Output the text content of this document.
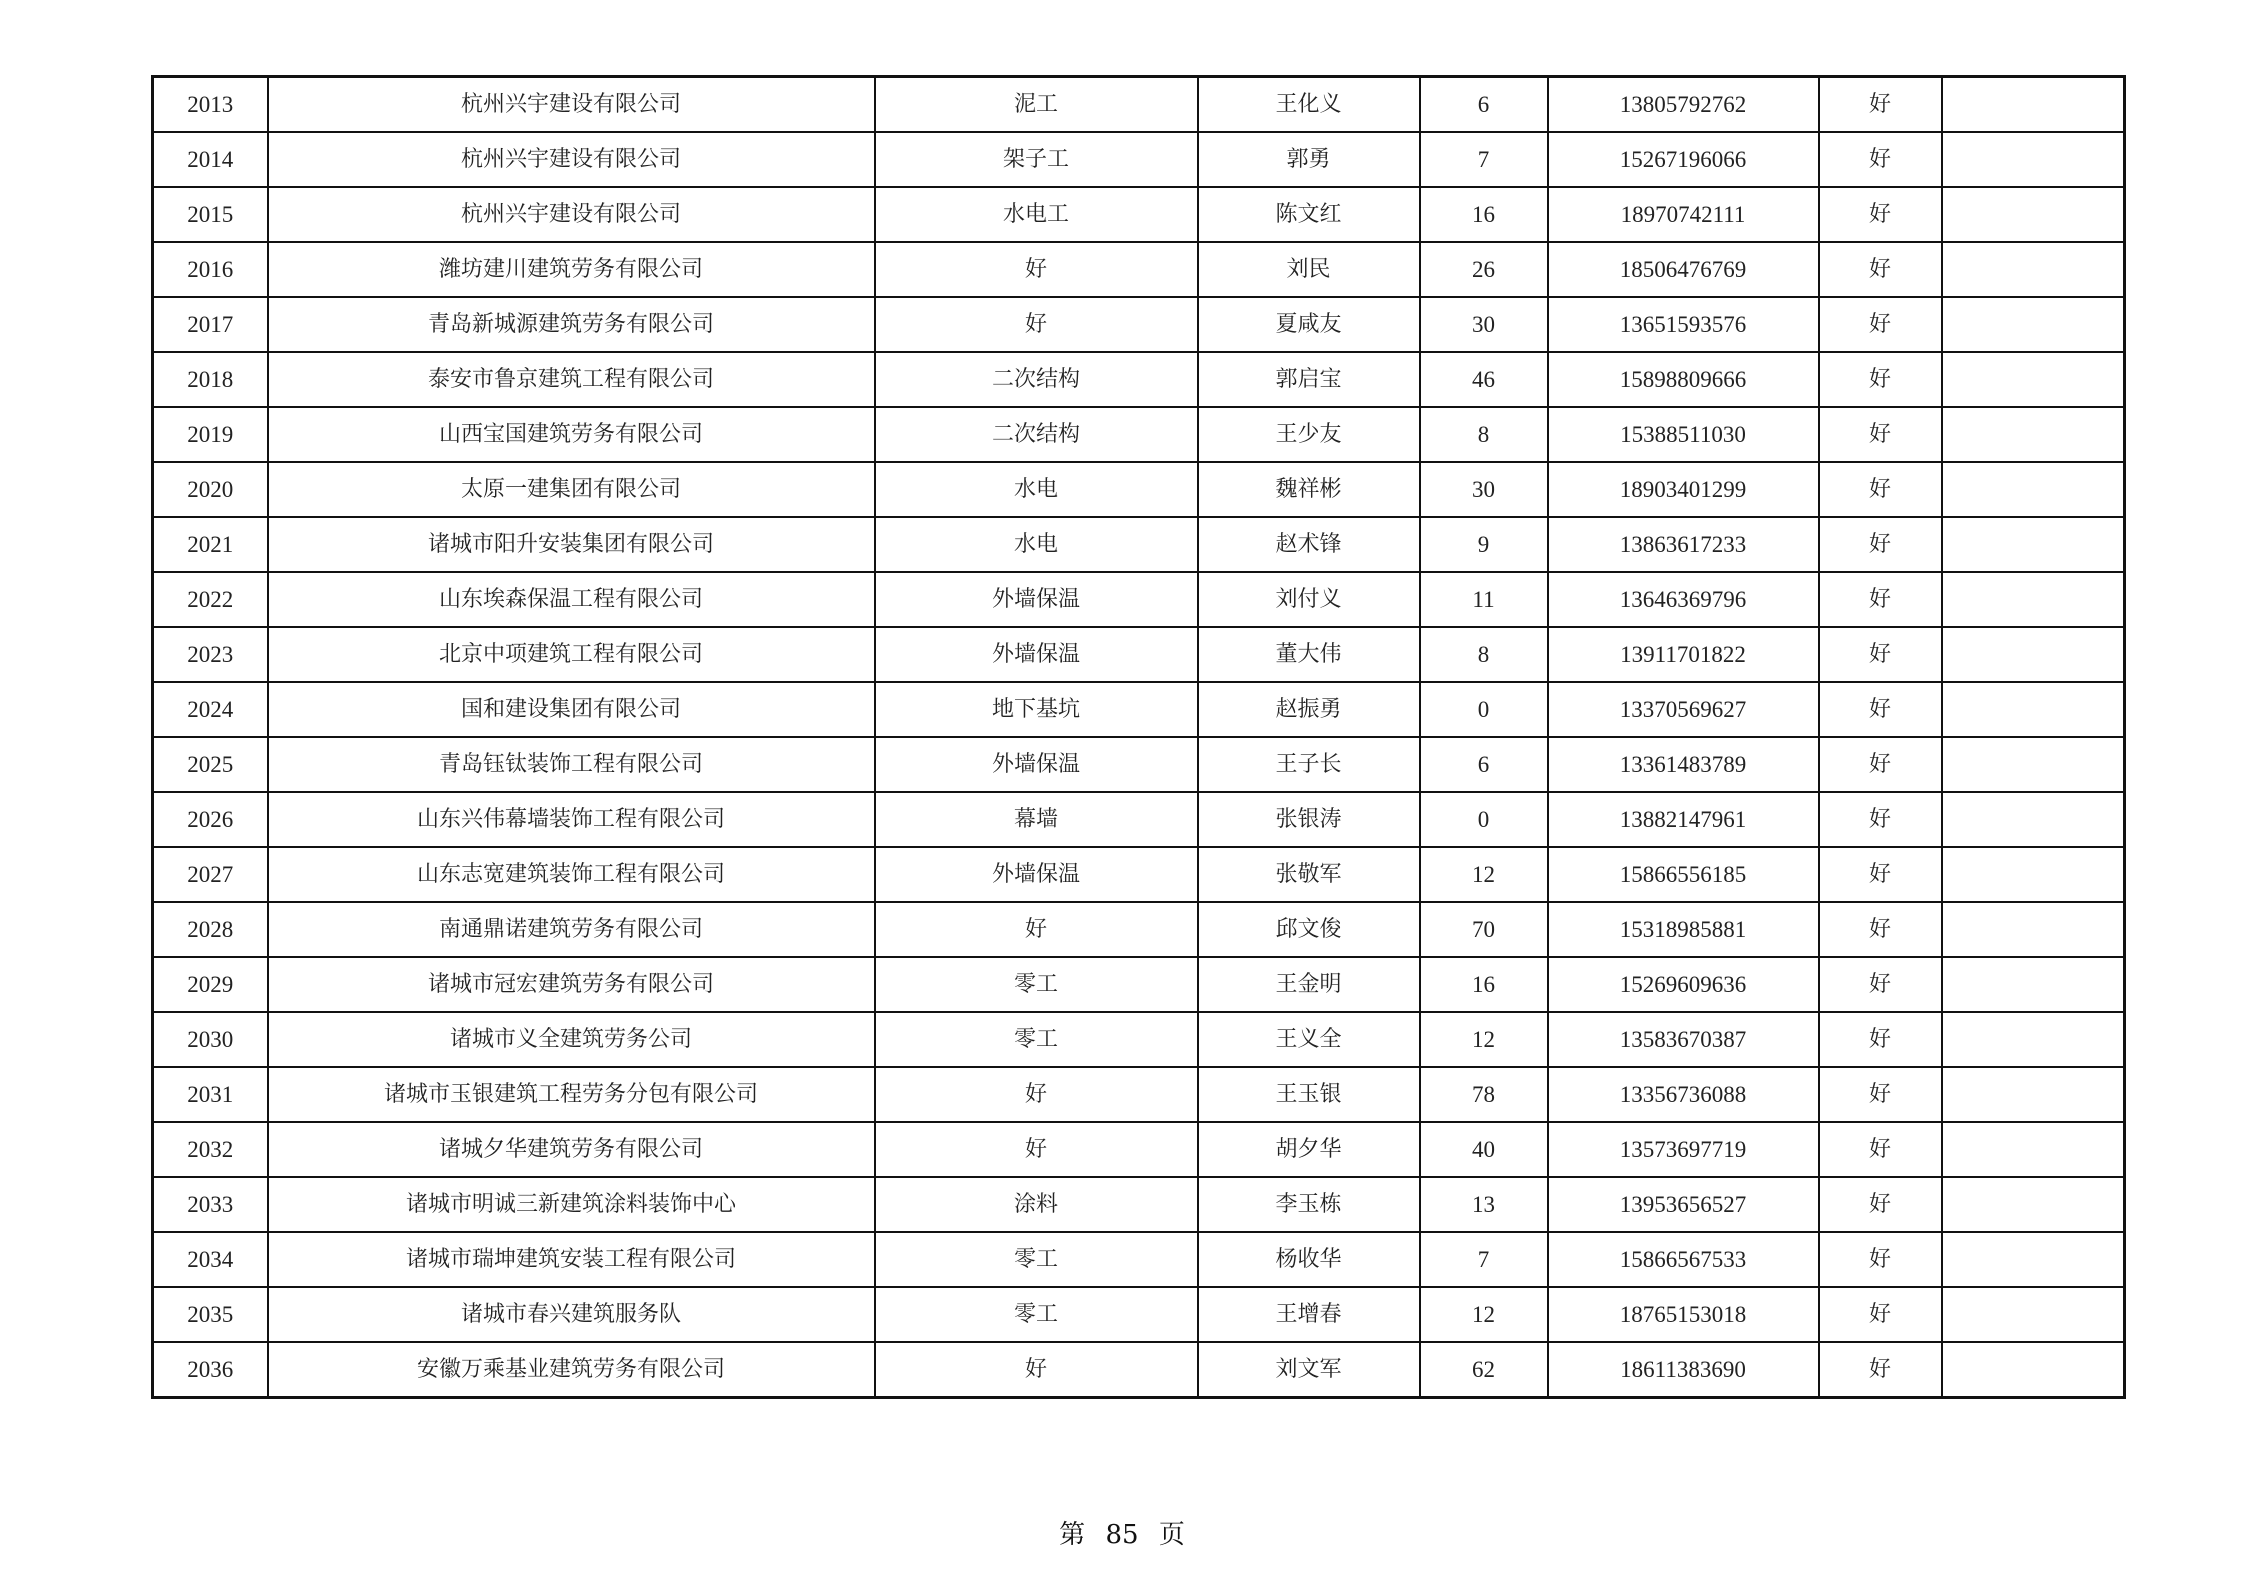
2013	杭州兴宇建设有限公司	泥工	王化义	6	13805792762	好	
2014	杭州兴宇建设有限公司	架子工	郭勇	7	15267196066	好	
2015	杭州兴宇建设有限公司	水电工	陈文红	16	18970742111	好	
2016	潍坊建川建筑劳务有限公司	好	刘民	26	18506476769	好	
2017	青岛新城源建筑劳务有限公司	好	夏咸友	30	13651593576	好	
2018	泰安市鲁京建筑工程有限公司	二次结构	郭启宝	46	15898809666	好	
2019	山西宝国建筑劳务有限公司	二次结构	王少友	8	15388511030	好	
2020	太原一建集团有限公司	水电	魏祥彬	30	18903401299	好	
2021	诸城市阳升安装集团有限公司	水电	赵术锋	9	13863617233	好	
2022	山东埃森保温工程有限公司	外墙保温	刘付义	11	13646369796	好	
2023	北京中项建筑工程有限公司	外墙保温	董大伟	8	13911701822	好	
2024	国和建设集团有限公司	地下基坑	赵振勇	0	13370569627	好	
2025	青岛钰钛装饰工程有限公司	外墙保温	王子长	6	13361483789	好	
2026	山东兴伟幕墙装饰工程有限公司	幕墙	张银涛	0	13882147961	好	
2027	山东志宽建筑装饰工程有限公司	外墙保温	张敬军	12	15866556185	好	
2028	南通鼎诺建筑劳务有限公司	好	邱文俊	70	15318985881	好	
2029	诸城市冠宏建筑劳务有限公司	零工	王金明	16	15269609636	好	
2030	诸城市义全建筑劳务公司	零工	王义全	12	13583670387	好	
2031	诸城市玉银建筑工程劳务分包有限公司	好	王玉银	78	13356736088	好	
2032	诸城夕华建筑劳务有限公司	好	胡夕华	40	13573697719	好	
2033	诸城市明诚三新建筑涂料装饰中心	涂料	李玉栋	13	13953656527	好	
2034	诸城市瑞坤建筑安装工程有限公司	零工	杨收华	7	15866567533	好	
2035	诸城市春兴建筑服务队	零工	王增春	12	18765153018	好	
2036	安徽万乘基业建筑劳务有限公司	好	刘文军	62	18611383690	好	
第 85 页
